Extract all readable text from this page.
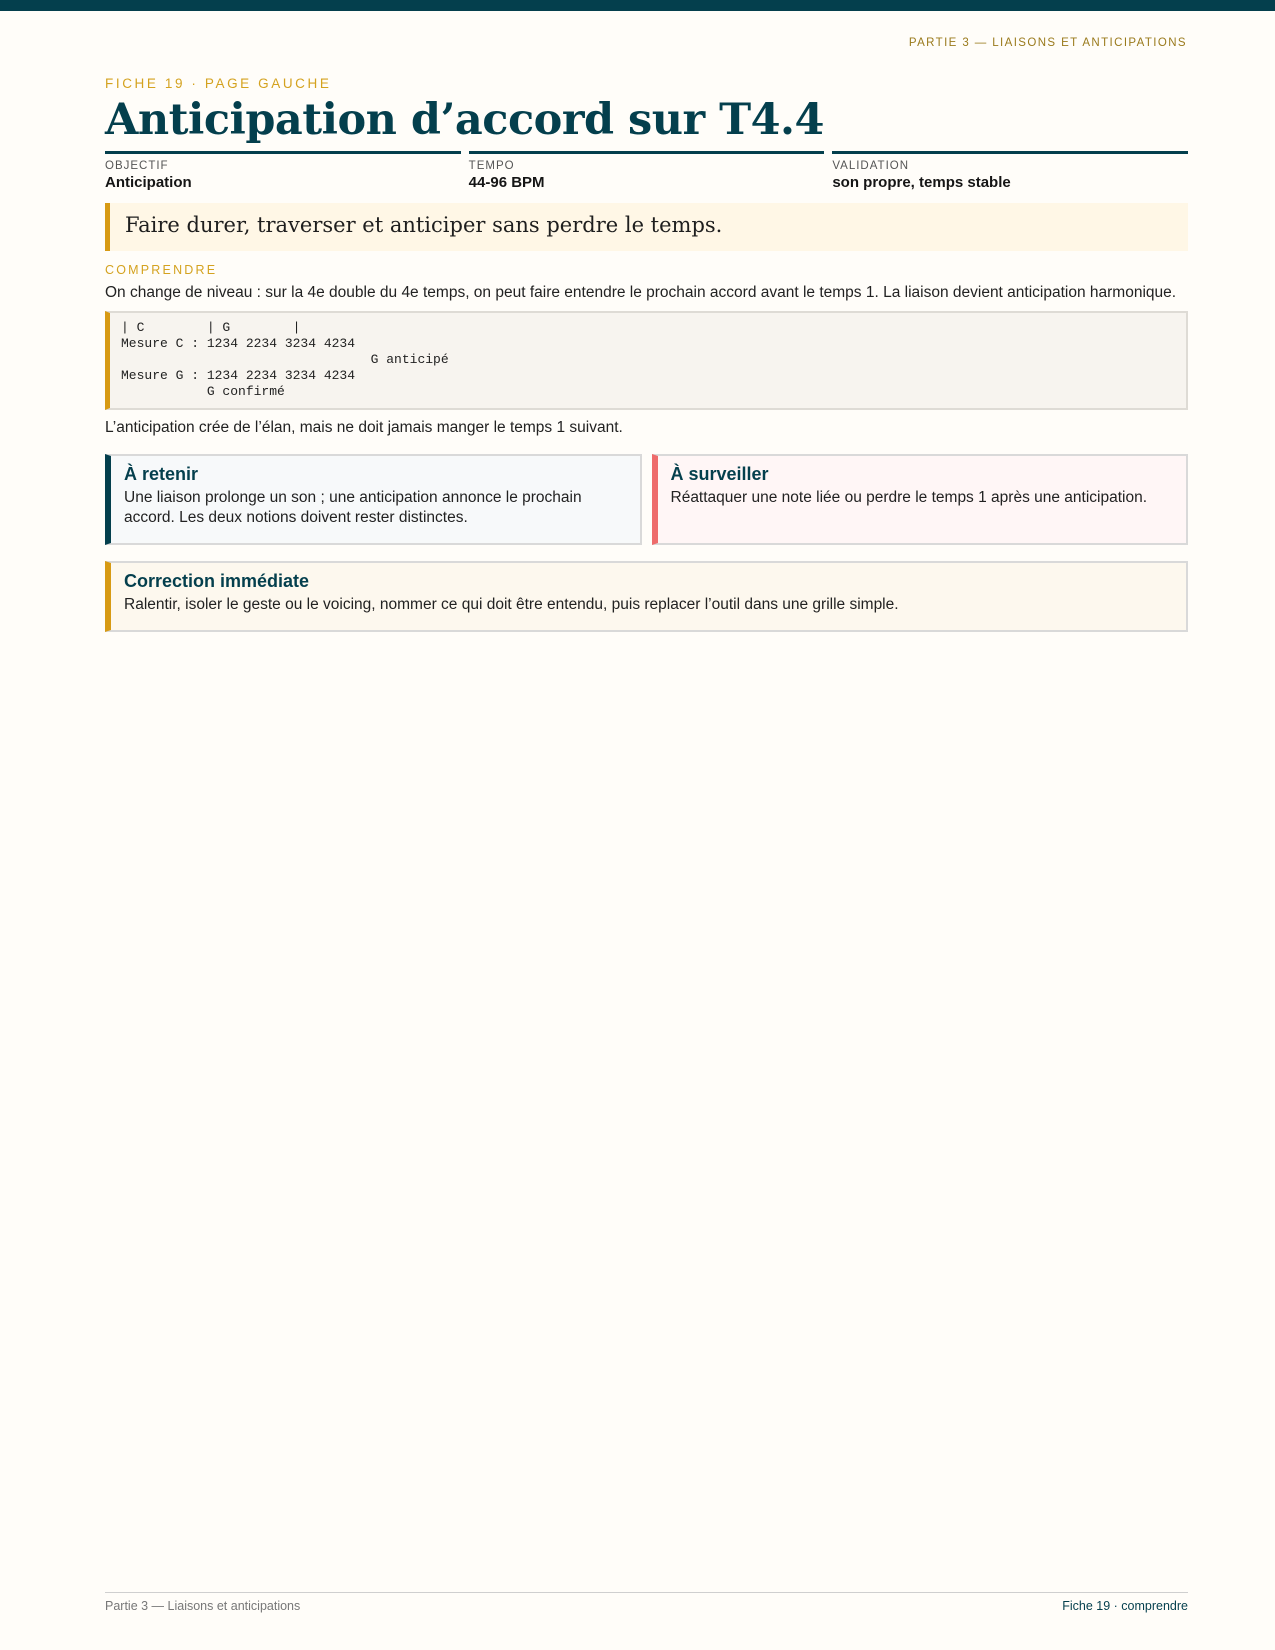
PARTIE 3 — LIAISONS ET ANTICIPATIONS
FICHE 19 · PAGE GAUCHE
Anticipation d’accord sur T4.4
OBJECTIF
Anticipation
TEMPO
44-96 BPM
VALIDATION
son propre, temps stable
Faire durer, traverser et anticiper sans perdre le temps.
COMPRENDRE
On change de niveau : sur la 4e double du 4e temps, on peut faire entendre le prochain accord avant le temps 1. La liaison devient anticipation harmonique.
| C        | G        |
Mesure C : 1234 2234 3234 4234
G anticipé
Mesure G : 1234 2234 3234 4234
G confirmé
L’anticipation crée de l’élan, mais ne doit jamais manger le temps 1 suivant.
À retenir
Une liaison prolonge un son ; une anticipation annonce le prochain accord. Les deux notions doivent rester distinctes.
À surveiller
Réattaquer une note liée ou perdre le temps 1 après une anticipation.
Correction immédiate
Ralentir, isoler le geste ou le voicing, nommer ce qui doit être entendu, puis replacer l’outil dans une grille simple.
Partie 3 — Liaisons et anticipations	Fiche 19 · comprendre
